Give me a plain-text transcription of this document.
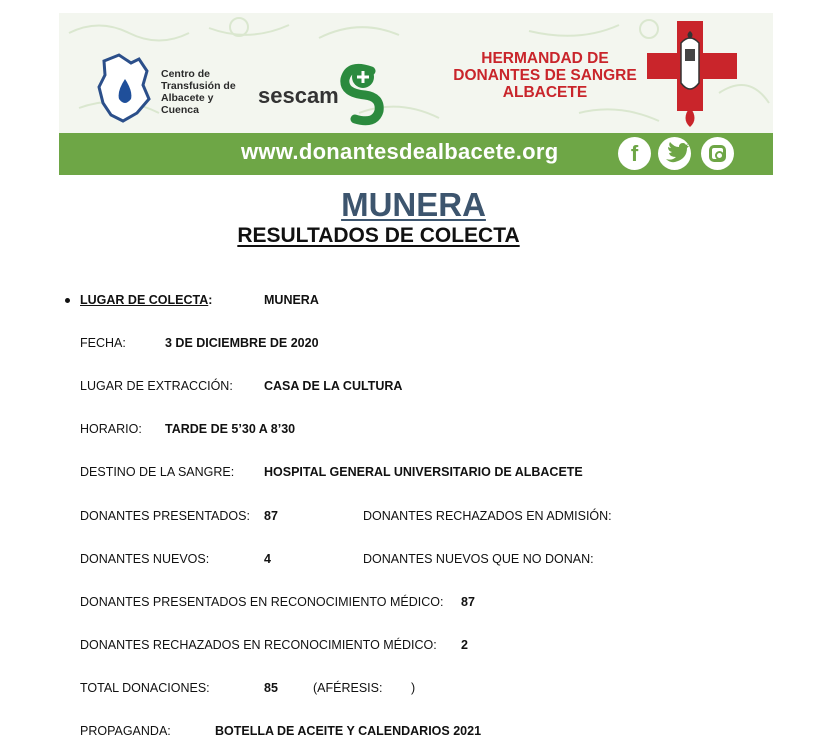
Centro de
Transfusión de
Albacete y
Cuenca
sescam
HERMANDAD DE
DONANTES DE SANGRE
ALBACETE
www.donantesdealbacete.org	f
MUNERA
RESULTADOS DE COLECTA
LUGAR DE COLECTA:	MUNERA
FECHA:	3 DE DICIEMBRE DE 2020
LUGAR DE EXTRACCIÓN: CASA DE LA CULTURA
HORARIO: TARDE DE 5’30 A 8’30
DESTINO DE LA SANGRE: HOSPITAL GENERAL UNIVERSITARIO DE ALBACETE
DONANTES PRESENTADOS: 87	DONANTES RECHAZADOS EN ADMISIÓN:
DONANTES NUEVOS:	4	DONANTES NUEVOS QUE NO DONAN:
DONANTES PRESENTADOS EN RECONOCIMIENTO MÉDICO: 87
DONANTES RECHAZADOS EN RECONOCIMIENTO MÉDICO: 2
TOTAL DONACIONES:	85	(AFÉRESIS: )
PROPAGANDA:	BOTELLA DE ACEITE Y CALENDARIOS 2021
